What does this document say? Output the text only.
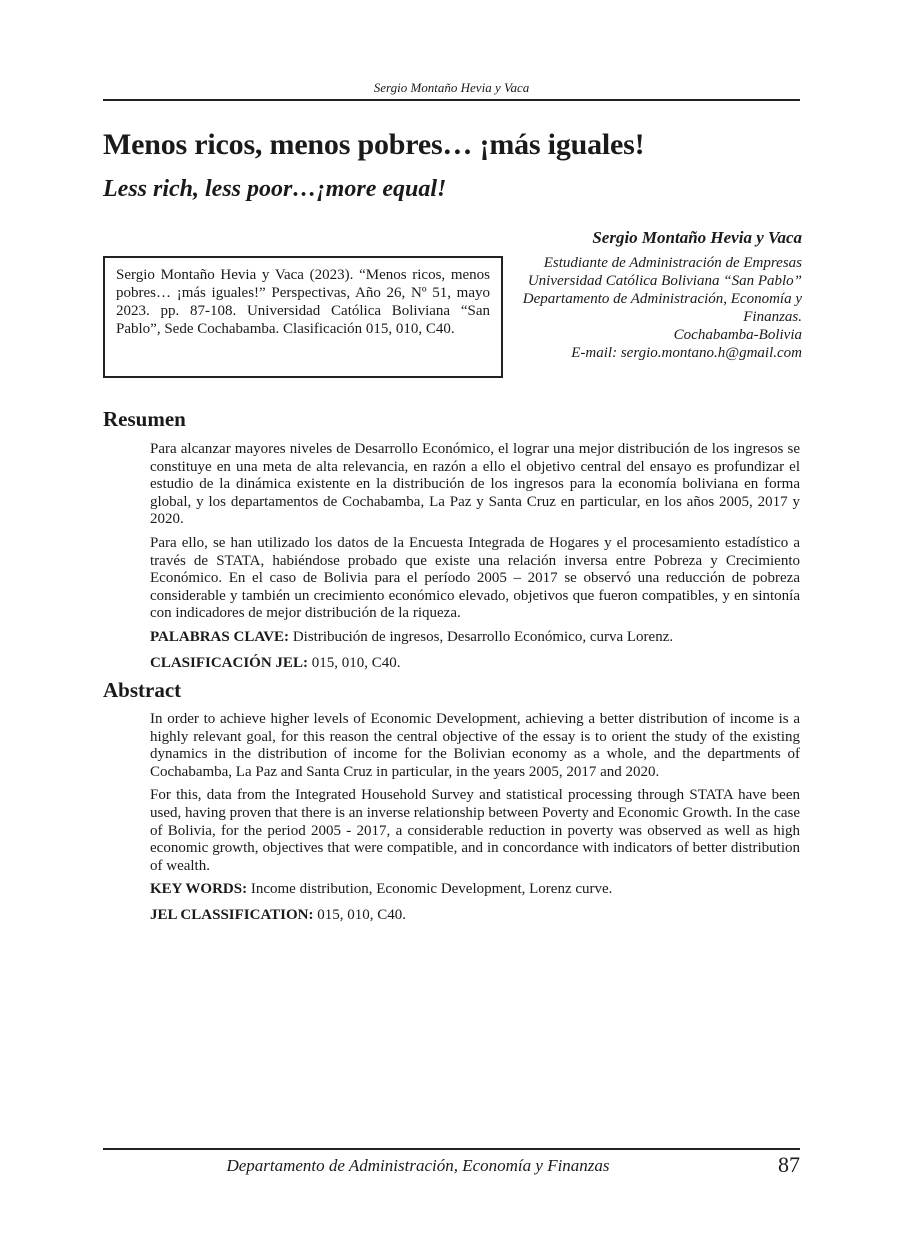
Sergio Montaño Hevia y Vaca
Menos ricos, menos pobres… ¡más iguales!
Less rich, less poor…¡more equal!
Sergio Montaño Hevia y Vaca
Sergio Montaño Hevia y Vaca (2023). “Menos ricos, menos pobres… ¡más iguales!” Perspectivas, Año 26, Nº 51, mayo 2023. pp. 87-108. Universidad Católica Boliviana “San Pablo”, Sede Cochabamba. Clasificación 015, 010, C40.
Estudiante de Administración de Empresas
Universidad Católica Boliviana “San Pablo”
Departamento de Administración, Economía y Finanzas.
Cochabamba-Bolivia
E-mail: sergio.montano.h@gmail.com
Resumen

Para alcanzar mayores niveles de Desarrollo Económico, el lograr una mejor distribución de los ingresos se constituye en una meta de alta relevancia, en razón a ello el objetivo central del ensayo es profundizar el estudio de la dinámica existente en la distribución de los ingresos para la economía boliviana en forma global, y los departamentos de Cochabamba, La Paz y Santa Cruz en particular, en los años 2005, 2017 y 2020.

Para ello, se han utilizado los datos de la Encuesta Integrada de Hogares y el procesamiento estadístico a través de STATA, habiéndose probado que existe una relación inversa entre Pobreza y Crecimiento Económico. En el caso de Bolivia para el período 2005 – 2017 se observó una reducción de pobreza considerable y también un crecimiento económico elevado, objetivos que fueron compatibles, y en sintonía con indicadores de mejor distribución de la riqueza.

PALABRAS CLAVE: Distribución de ingresos, Desarrollo Económico, curva Lorenz.

CLASIFICACIÓN JEL: 015, 010, C40.

Abstract

In order to achieve higher levels of Economic Development, achieving a better distribution of income is a highly relevant goal, for this reason the central objective of the essay is to orient the study of the existing dynamics in the distribution of income for the Bolivian economy as a whole, and the departments of Cochabamba, La Paz and Santa Cruz in particular, in the years 2005, 2017 and 2020.

For this, data from the Integrated Household Survey and statistical processing through STATA have been used, having proven that there is an inverse relationship between Poverty and Economic Growth. In the case of Bolivia, for the period 2005 - 2017, a considerable reduction in poverty was observed as well as high economic growth, objectives that were compatible, and in concordance with indicators of better distribution of wealth.

KEY WORDS: Income distribution, Economic Development, Lorenz curve.

JEL CLASSIFICATION: 015, 010, C40.

Departamento de Administración, Economía y Finanzas	87
